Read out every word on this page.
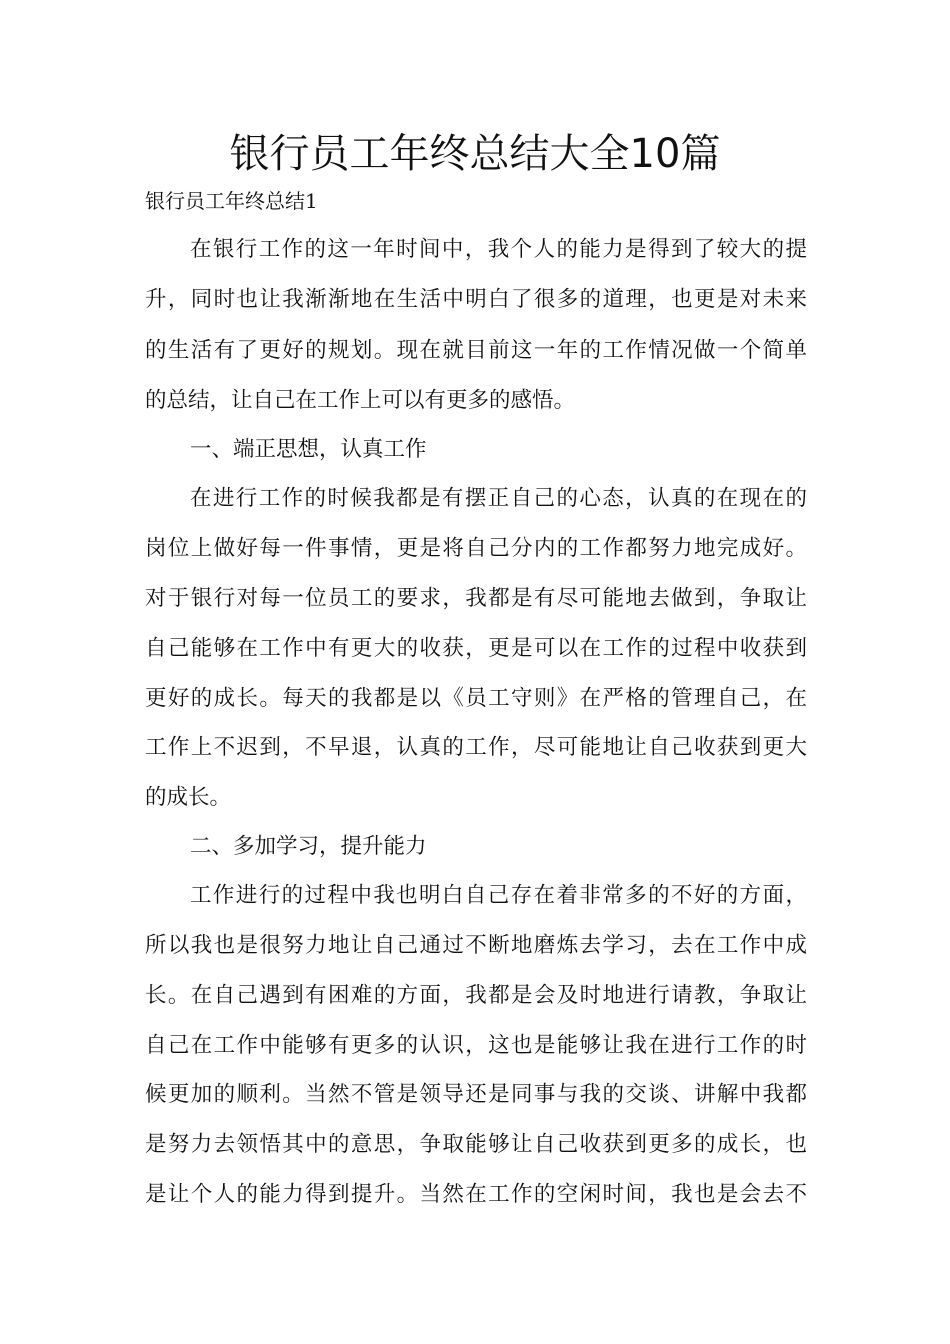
银行员工年终总结大全10篇

银行员工年终总结1

在银行工作的这一年时间中，我个人的能力是得到了较大的提

升，同时也让我渐渐地在生活中明白了很多的道理，也更是对未来

的生活有了更好的规划。现在就目前这一年的工作情况做一个简单

的总结，让自己在工作上可以有更多的感悟。

一、端正思想，认真工作

在进行工作的时候我都是有摆正自己的心态，认真的在现在的

岗位上做好每一件事情，更是将自己分内的工作都努力地完成好。

对于银行对每一位员工的要求，我都是有尽可能地去做到，争取让

自己能够在工作中有更大的收获，更是可以在工作的过程中收获到

更好的成长。每天的我都是以《员工守则》在严格的管理自己，在

工作上不迟到，不早退，认真的工作，尽可能地让自己收获到更大

的成长。

二、多加学习，提升能力

工作进行的过程中我也明白自己存在着非常多的不好的方面，

所以我也是很努力地让自己通过不断地磨炼去学习，去在工作中成

长。在自己遇到有困难的方面，我都是会及时地进行请教，争取让

自己在工作中能够有更多的认识，这也是能够让我在进行工作的时

候更加的顺利。当然不管是领导还是同事与我的交谈、讲解中我都

是努力去领悟其中的意思，争取能够让自己收获到更多的成长，也

是让个人的能力得到提升。当然在工作的空闲时间，我也是会去不
